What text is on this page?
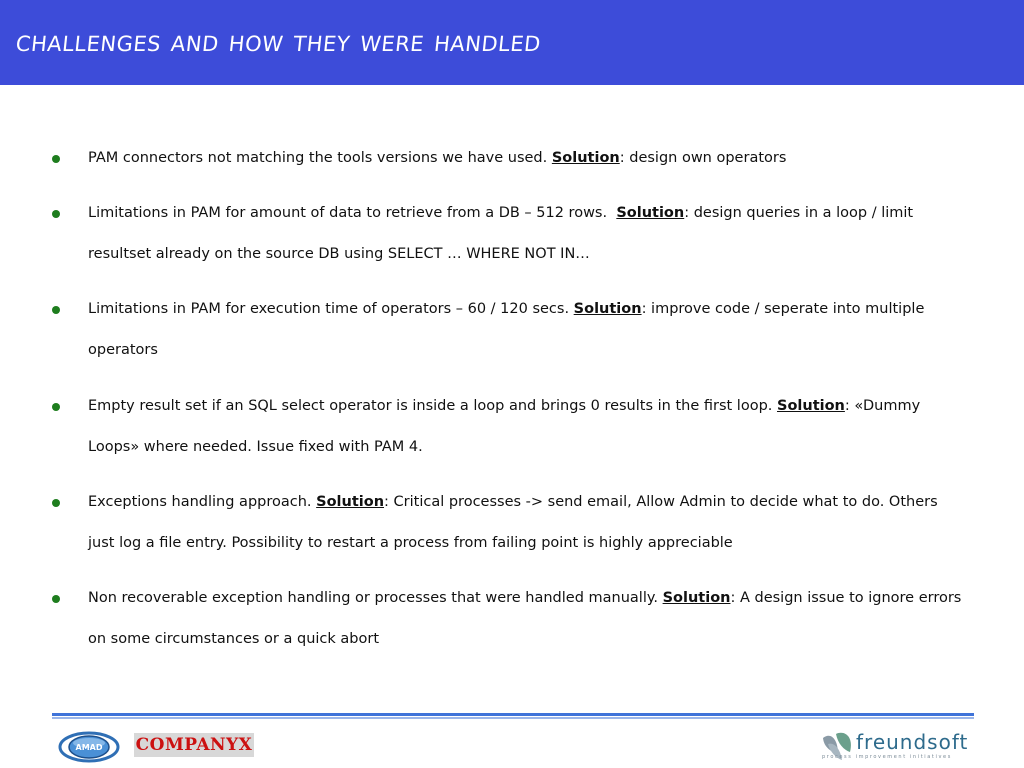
challenges and how they were handled
PAM connectors not matching the tools versions we have used. Solution: design own operators
Limitations in PAM for amount of data to retrieve from a DB – 512 rows.  Solution: design queries in a loop / limit resultset already on the source DB using SELECT … WHERE NOT IN…
Limitations in PAM for execution time of operators – 60 / 120 secs. Solution: improve code / seperate into multiple operators
Empty result set if an SQL select operator is inside a loop and brings 0 results in the first loop. Solution: «Dummy Loops» where needed. Issue fixed with PAM 4.
Exceptions handling approach. Solution: Critical processes -> send email, Allow Admin to decide what to do. Others just log a file entry. Possibility to restart a process from failing point is highly appreciable
Non recoverable exception handling or processes that were handled manually. Solution: A design issue to ignore errors on some circumstances or a quick abort
AMAD COMPANYX	freundsoft
process improvement initiatives
